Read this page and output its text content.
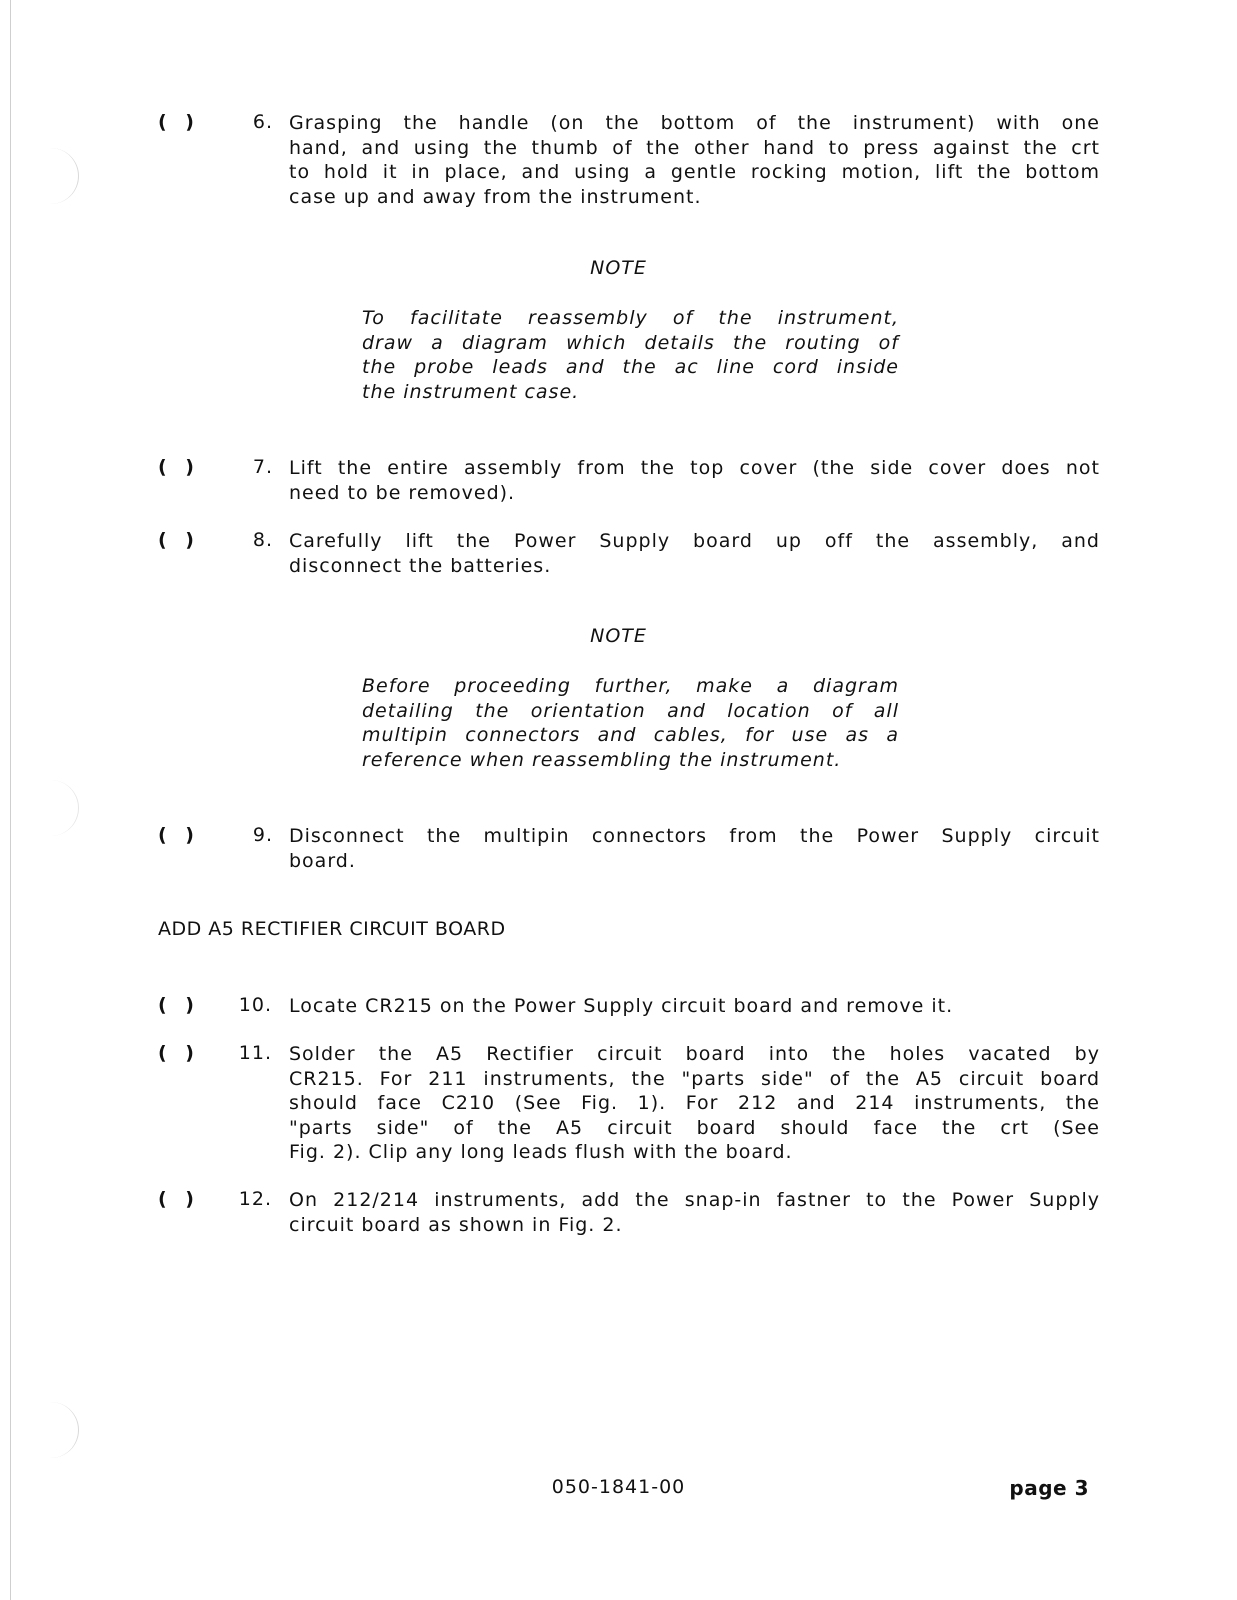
( )	6. Grasping the handle (on the bottom of the instrument) with one
hand, and using the thumb of the other hand to press against the crt
to hold it in place, and using a gentle rocking motion, lift the bottom
case up and away from the instrument.
NOTE
To facilitate reassembly of the instrument,
draw a diagram which details the routing of
the probe leads and the ac line cord inside
the instrument case.
( )	7. Lift the entire assembly from the top cover (the side cover does not
need to be removed).
( )	8. Carefully lift the Power Supply board up off the assembly, and
disconnect the batteries.
NOTE
Before proceeding further, make a diagram
detailing the orientation and location of all
multipin connectors and cables, for use as a
reference when reassembling the instrument.
( )	9. Disconnect the multipin connectors from the Power Supply circuit
board.
ADD A5 RECTIFIER CIRCUIT BOARD
( )	10. Locate CR215 on the Power Supply circuit board and remove it.
( )	11. Solder the A5 Rectifier circuit board into the holes vacated by
CR215. For 211 instruments, the "parts side" of the A5 circuit board
should face C210 (See Fig. 1). For 212 and 214 instruments, the
"parts side" of the A5 circuit board should face the crt (See
Fig. 2). Clip any long leads flush with the board.
( )	12. On 212/214 instruments, add the snap-in fastner to the Power Supply
circuit board as shown in Fig. 2.
050-1841-00	page 3
